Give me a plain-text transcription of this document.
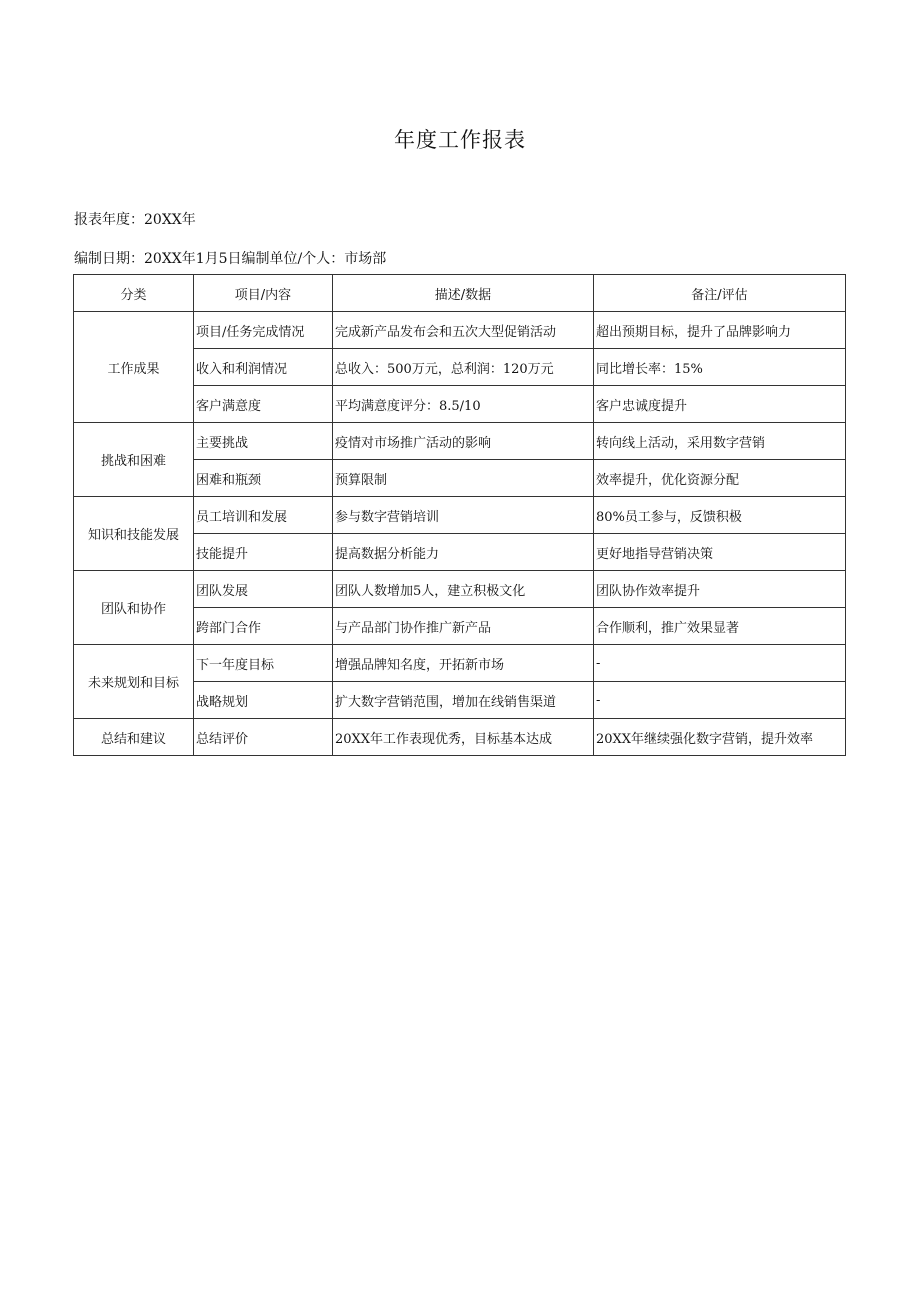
年度工作报表
报表年度：20XX年
编制日期：20XX年1月5日编制单位/个人：市场部
分类	项目/内容	描述/数据	备注/评估
工作成果	项目/任务完成情况	完成新产品发布会和五次大型促销活动	超出预期目标，提升了品牌影响力
	收入和利润情况	总收入：500万元，总利润：120万元	同比增长率：15%
	客户满意度	平均满意度评分：8.5/10	客户忠诚度提升
挑战和困难	主要挑战	疫情对市场推广活动的影响	转向线上活动，采用数字营销
	困难和瓶颈	预算限制	效率提升，优化资源分配
知识和技能发展	员工培训和发展	参与数字营销培训	80%员工参与，反馈积极
	技能提升	提高数据分析能力	更好地指导营销决策
团队和协作	团队发展	团队人数增加5人，建立积极文化	团队协作效率提升
	跨部门合作	与产品部门协作推广新产品	合作顺利，推广效果显著
未来规划和目标	下一年度目标	增强品牌知名度，开拓新市场	-
	战略规划	扩大数字营销范围，增加在线销售渠道	-
总结和建议	总结评价	20XX年工作表现优秀，目标基本达成	20XX年继续强化数字营销，提升效率
